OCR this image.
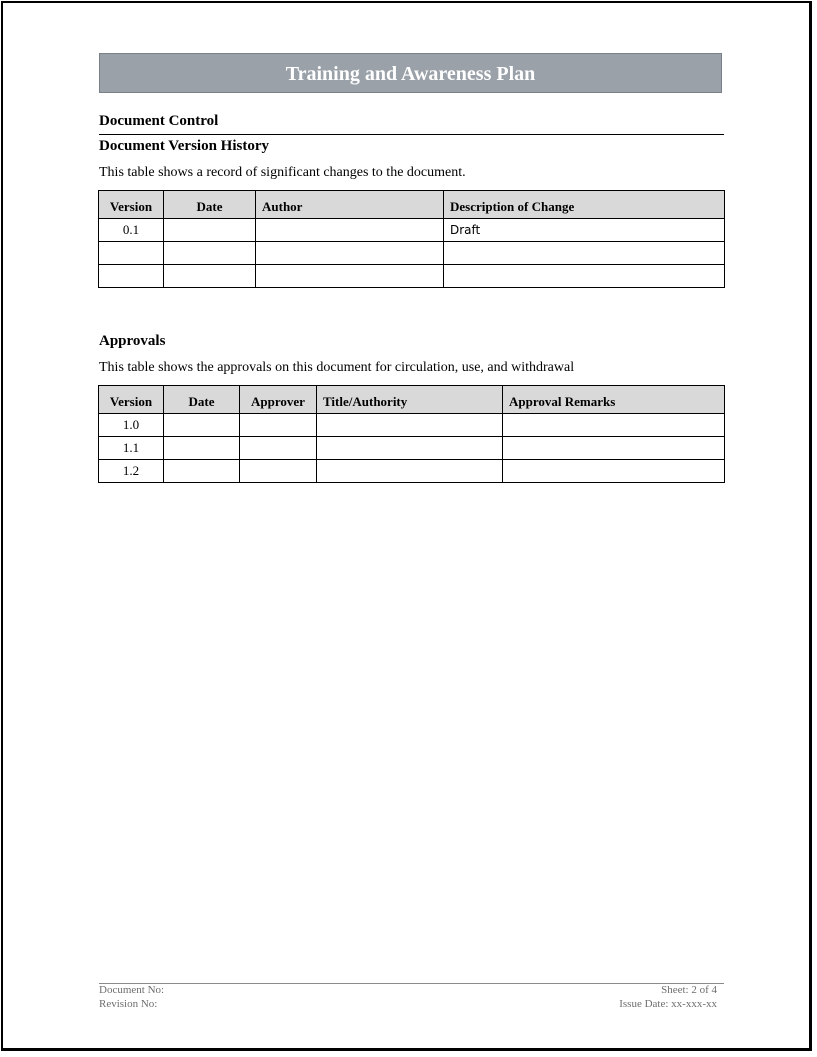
Training and Awareness Plan
Document Control
Document Version History
This table shows a record of significant changes to the document.
Version	Date	Author	Description of Change
0.1			Draft

Approvals
This table shows the approvals on this document for circulation, use, and withdrawal
Version	Date	Approver	Title/Authority	Approval Remarks
1.0				
1.1				
1.2				
Document No:
Revision No:
Sheet: 2 of 4
Issue Date: xx-xxx-xx
